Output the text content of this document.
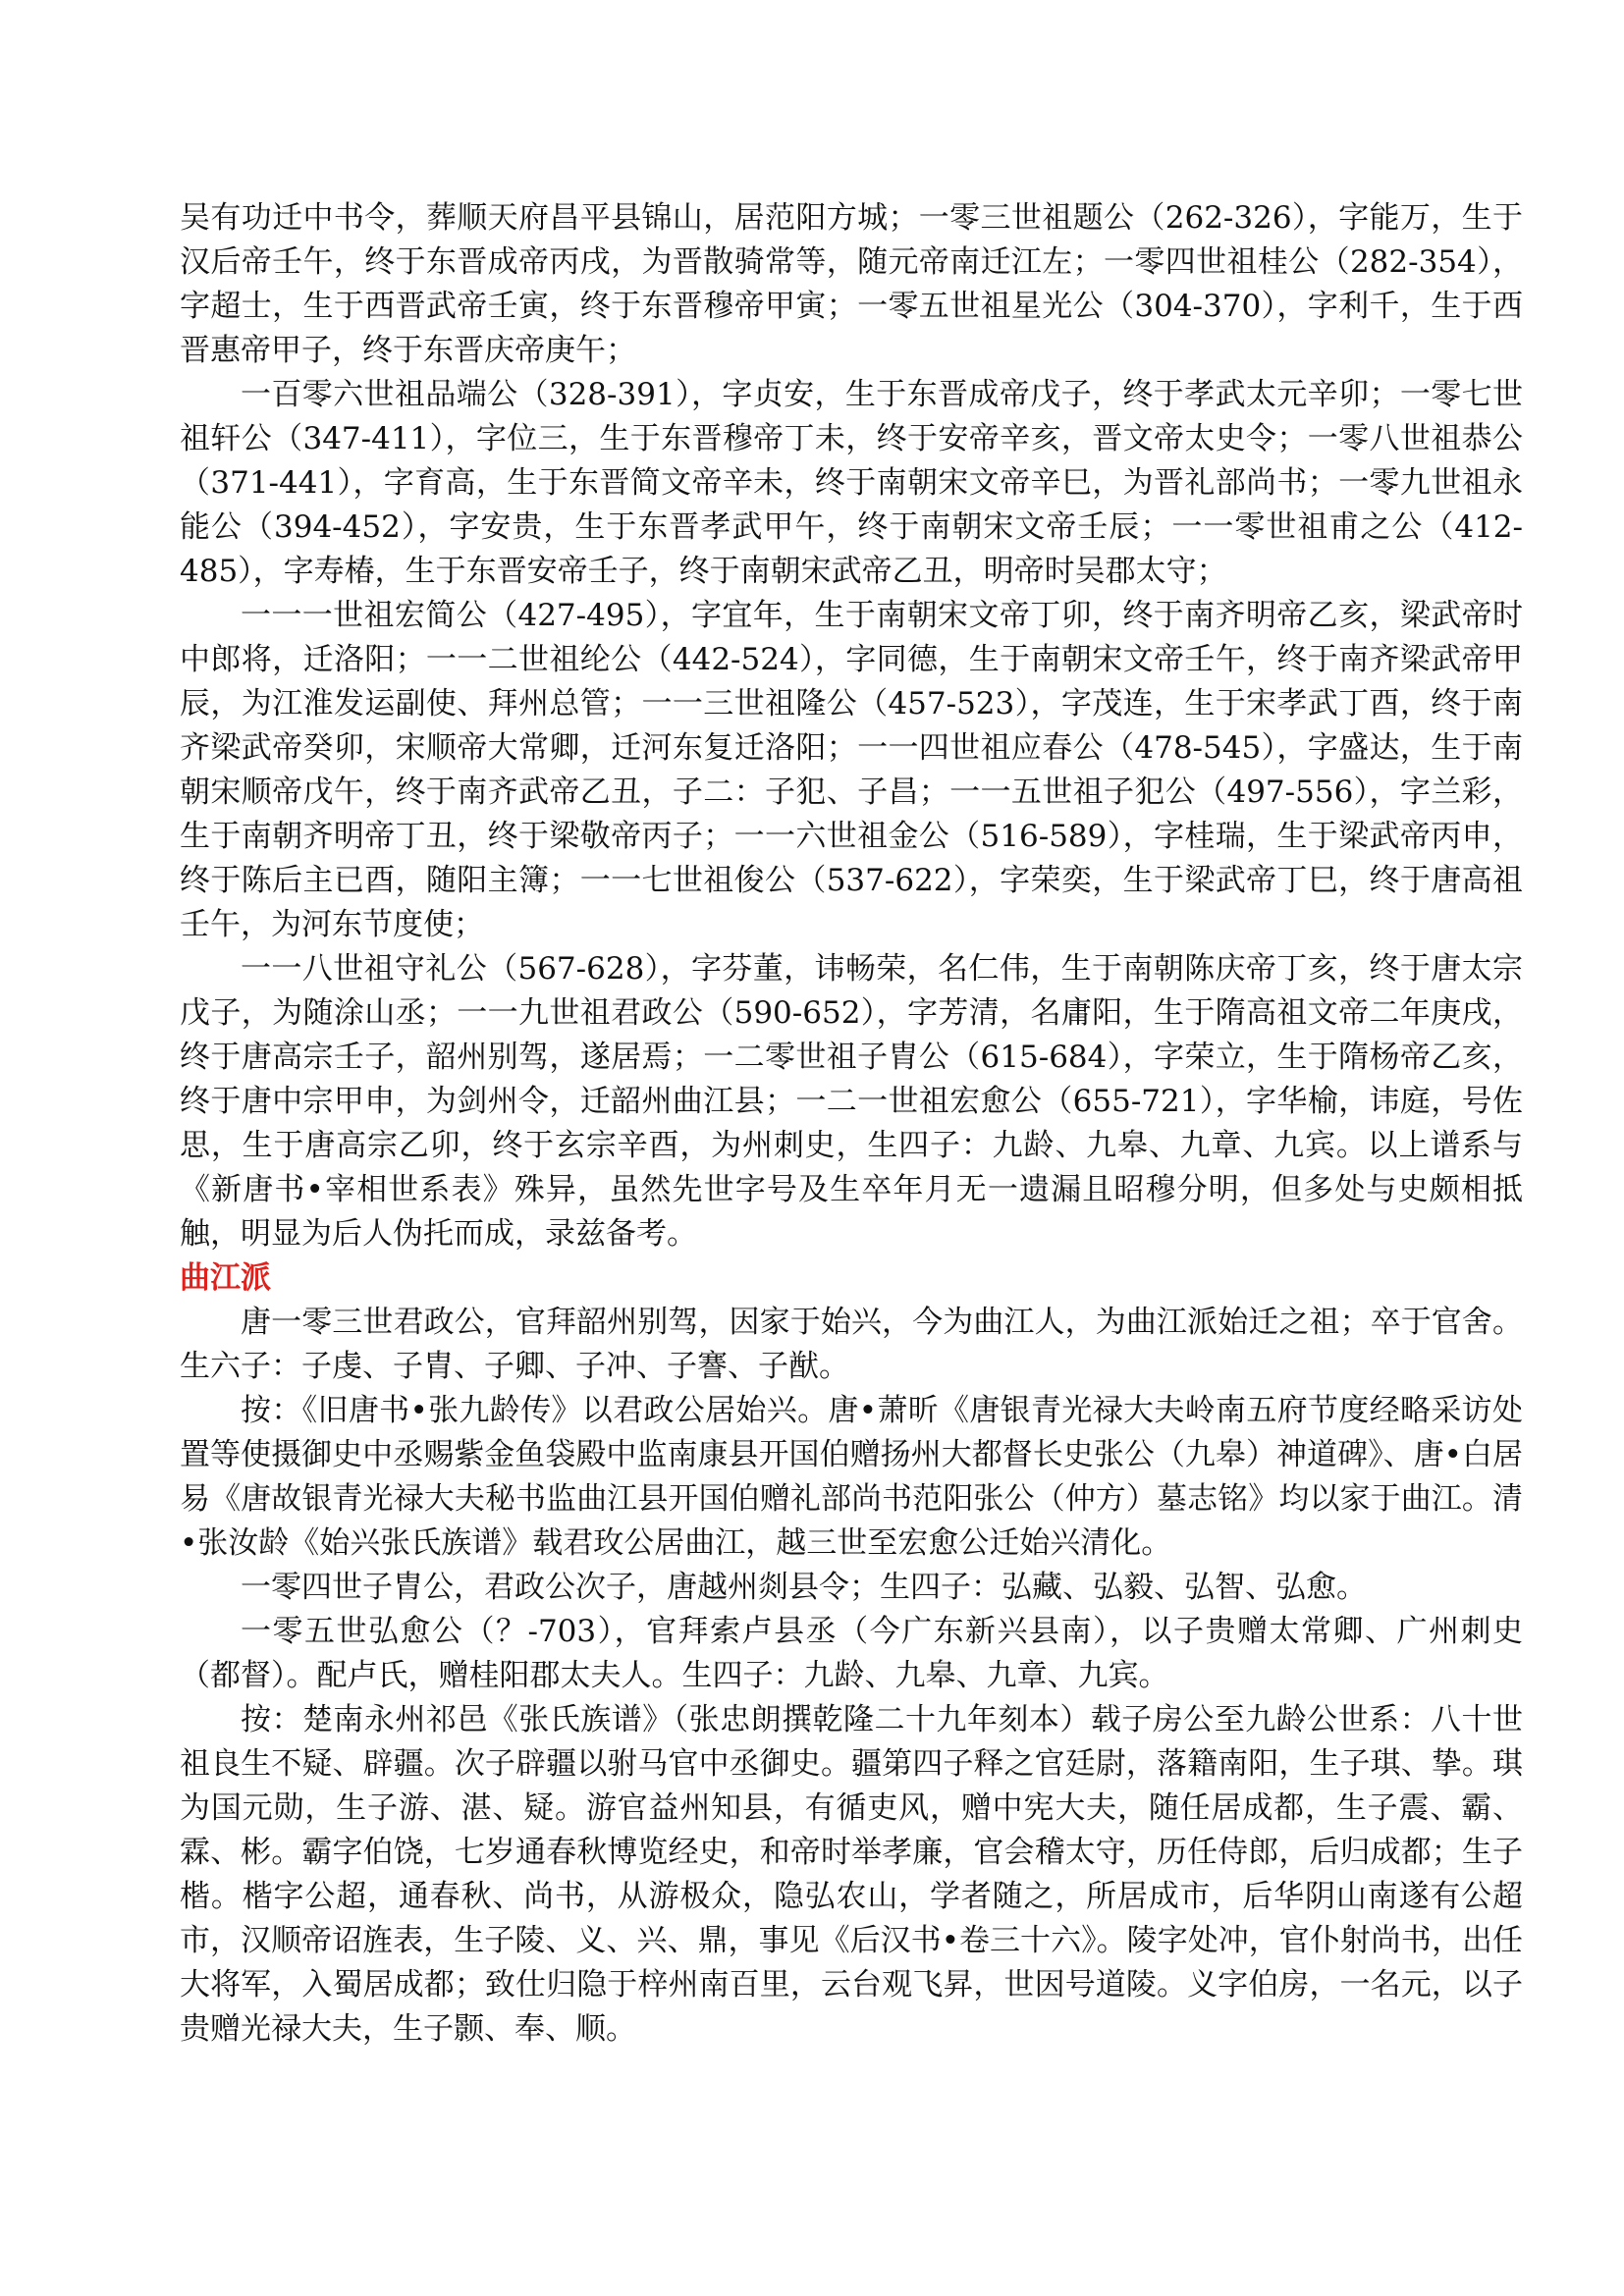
吴有功迁中书令，葬顺天府昌平县锦山，居范阳方城；一零三世祖题公（262-326），字能万，生于汉后帝壬午，终于东晋成帝丙戌，为晋散骑常等，随元帝南迁江左；一零四世祖桂公（282-354），字超士，生于西晋武帝壬寅，终于东晋穆帝甲寅；一零五世祖星光公（304-370），字利千，生于西晋惠帝甲子，终于东晋庆帝庚午；

一百零六世祖品端公（328-391），字贞安，生于东晋成帝戊子，终于孝武太元辛卯；一零七世祖轩公（347-411），字位三，生于东晋穆帝丁未，终于安帝辛亥，晋文帝太史令；一零八世祖恭公（371-441），字育高，生于东晋简文帝辛未，终于南朝宋文帝辛巳，为晋礼部尚书；一零九世祖永能公（394-452），字安贵，生于东晋孝武甲午，终于南朝宋文帝壬辰；一一零世祖甫之公（412-485），字寿椿，生于东晋安帝壬子，终于南朝宋武帝乙丑，明帝时吴郡太守；

一一一世祖宏简公（427-495），字宜年，生于南朝宋文帝丁卯，终于南齐明帝乙亥，梁武帝时中郎将，迁洛阳；一一二世祖纶公（442-524），字同德，生于南朝宋文帝壬午，终于南齐梁武帝甲辰，为江淮发运副使、拜州总管；一一三世祖隆公（457-523），字茂连，生于宋孝武丁酉，终于南齐梁武帝癸卯，宋顺帝大常卿，迁河东复迁洛阳；一一四世祖应春公（478-545），字盛达，生于南朝宋顺帝戊午，终于南齐武帝乙丑，子二：子犯、子昌；一一五世祖子犯公（497-556），字兰彩，生于南朝齐明帝丁丑，终于梁敬帝丙子；一一六世祖金公（516-589），字桂瑞，生于梁武帝丙申，终于陈后主已酉，随阳主簿；一一七世祖俊公（537-622），字荣奕，生于梁武帝丁巳，终于唐高祖壬午，为河东节度使；

一一八世祖守礼公（567-628），字芬董，讳畅荣，名仁伟，生于南朝陈庆帝丁亥，终于唐太宗戊子，为随涂山丞；一一九世祖君政公（590-652），字芳清，名庸阳，生于隋高祖文帝二年庚戌，终于唐高宗壬子，韶州别驾，遂居焉；一二零世祖子胄公（615-684），字荣立，生于隋杨帝乙亥，终于唐中宗甲申，为剑州令，迁韶州曲江县；一二一世祖宏愈公（655-721），字华榆，讳庭，号佐思，生于唐高宗乙卯，终于玄宗辛酉，为州刺史，生四子：九龄、九皋、九章、九宾。以上谱系与《新唐书•宰相世系表》殊异，虽然先世字号及生卒年月无一遗漏且昭穆分明，但多处与史颇相抵触，明显为后人伪托而成，录兹备考。

曲江派

唐一零三世君政公，官拜韶州别驾，因家于始兴，今为曲江人，为曲江派始迁之祖；卒于官舍。生六子：子虔、子胄、子卿、子冲、子謇、子猷。

按：《旧唐书•张九龄传》以君政公居始兴。唐•萧昕《唐银青光禄大夫岭南五府节度经略采访处置等使摄御史中丞赐紫金鱼袋殿中监南康县开国伯赠扬州大都督长史张公（九皋）神道碑》、唐•白居易《唐故银青光禄大夫秘书监曲江县开国伯赠礼部尚书范阳张公（仲方）墓志铭》均以家于曲江。清•张汝龄《始兴张氏族谱》载君玫公居曲江，越三世至宏愈公迁始兴清化。

一零四世子胄公，君政公次子，唐越州剡县令；生四子：弘藏、弘毅、弘智、弘愈。

一零五世弘愈公（？-703），官拜索卢县丞（今广东新兴县南），以子贵赠太常卿、广州刺史（都督）。配卢氏，赠桂阳郡太夫人。生四子：九龄、九皋、九章、九宾。

按：楚南永州祁邑《张氏族谱》（张忠朗撰乾隆二十九年刻本）载子房公至九龄公世系：八十世祖良生不疑、辟疆。次子辟疆以驸马官中丞御史。疆第四子释之官廷尉，落籍南阳，生子琪、挚。琪为国元勋，生子游、湛、疑。游官益州知县，有循吏风，赠中宪大夫，随任居成都，生子震、霸、霖、彬。霸字伯饶，七岁通春秋博览经史，和帝时举孝廉，官会稽太守，历任侍郎，后归成都；生子楷。楷字公超，通春秋、尚书，从游极众，隐弘农山，学者随之，所居成市，后华阴山南遂有公超市，汉顺帝诏旌表，生子陵、义、兴、鼎，事见《后汉书•卷三十六》。陵字处冲，官仆射尚书，出任大将军，入蜀居成都；致仕归隐于梓州南百里，云台观飞昇，世因号道陵。义字伯房，一名元，以子贵赠光禄大夫，生子颢、奉、顺。
